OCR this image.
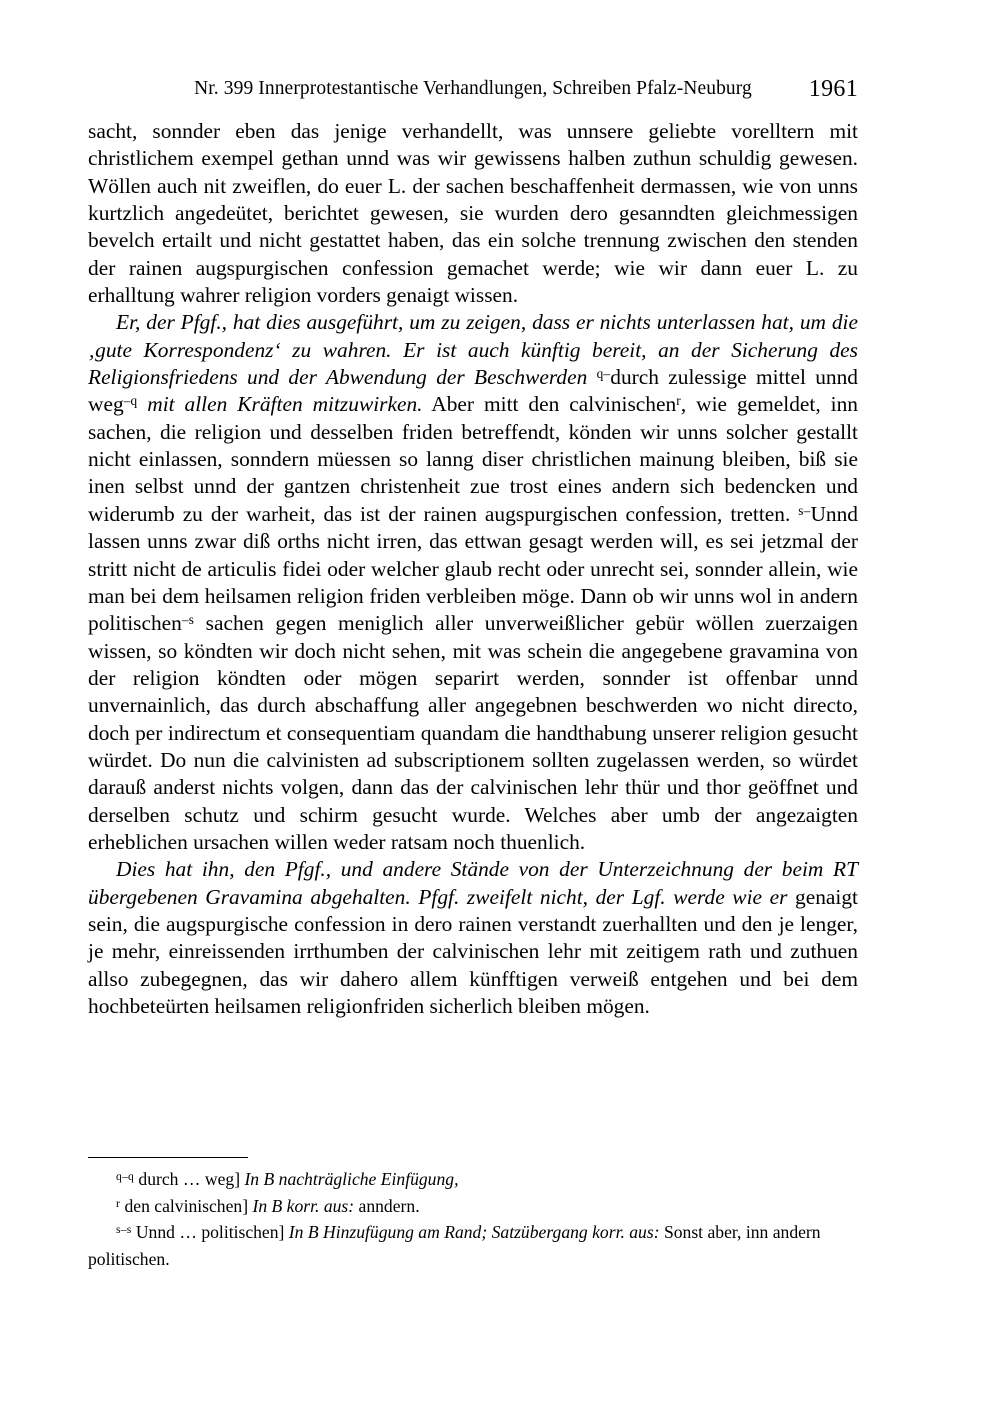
Nr. 399 Innerprotestantische Verhandlungen, Schreiben Pfalz-Neuburg 1961

sacht, sonnder eben das jenige verhandellt, was unnsere geliebte vorelltern mit christlichem exempel gethan unnd was wir gewissens halben zuthun schuldig gewesen. Wöllen auch nit zweiflen, do euer L. der sachen beschaffenheit dermassen, wie von unns kurtzlich angedeütet, berichtet gewesen, sie wurden dero gesanndten gleichmessigen bevelch ertailt und nicht gestattet haben, das ein solche trennung zwischen den stenden der rainen augspurgischen confession gemachet werde; wie wir dann euer L. zu erhalltung wahrer religion vorders genaigt wissen.

Er, der Pfgf., hat dies ausgeführt, um zu zeigen, dass er nichts unterlassen hat, um die ‚gute Korrespondenz‘ zu wahren. Er ist auch künftig bereit, an der Sicherung des Religionsfriedens und der Abwendung der Beschwerden $^{q-}$durch zulessige mittel unnd weg$^{-q}$ mit allen Kräften mitzuwirken. Aber mitt den calvinischen$^r$, wie gemeldet, inn sachen, die religion und desselben friden betreffendt, könden wir unns solcher gestallt nicht einlassen, sonndern müessen so lanng diser christlichen mainung bleiben, biß sie inen selbst unnd der gantzen christenheit zue trost eines andern sich bedencken und widerumb zu der warheit, das ist der rainen augspurgischen confession, tretten. $^{s-}$Unnd lassen unns zwar diß orths nicht irren, das ettwan gesagt werden will, es sei jetzmal der stritt nicht de articulis fidei oder welcher glaub recht oder unrecht sei, sonnder allein, wie man bei dem heilsamen religion friden verbleiben möge. Dann ob wir unns wol in andern politischen$^{-s}$ sachen gegen meniglich aller unverweißlicher gebür wöllen zuerzaigen wissen, so köndten wir doch nicht sehen, mit was schein die angegebene gravamina von der religion köndten oder mögen separirt werden, sonnder ist offenbar unnd unvernainlich, das durch abschaffung aller angegebnen beschwerden wo nicht directo, doch per indirectum et consequentiam quandam die handthabung unserer religion gesucht würdet. Do nun die calvinisten ad subscriptionem sollten zugelassen werden, so würdet darauß anderst nichts volgen, dann das der calvinischen lehr thür und thor geöffnet und derselben schutz und schirm gesucht wurde. Welches aber umb der angezaigten erheblichen ursachen willen weder ratsam noch thuenlich.

Dies hat ihn, den Pfgf., und andere Stände von der Unterzeichnung der beim RT übergebenen Gravamina abgehalten. Pfgf. zweifelt nicht, der Lgf. werde wie er genaigt sein, die augspurgische confession in dero rainen verstandt zuerhallten und den je lenger, je mehr, einreissenden irrthumben der calvinischen lehr mit zeitigem rath und zuthuen allso zubegegnen, das wir dahero allem künfftigen verweiß entgehen und bei dem hochbeteürten heilsamen religionfriden sicherlich bleiben mögen.

$^{q-q}$ durch … weg] In B nachträgliche Einfügung,

$^r$ den calvinischen] In B korr. aus: anndern.

$^{s-s}$ Unnd … politischen] In B Hinzufügung am Rand; Satzübergang korr. aus: Sonst aber, inn andern politischen.
